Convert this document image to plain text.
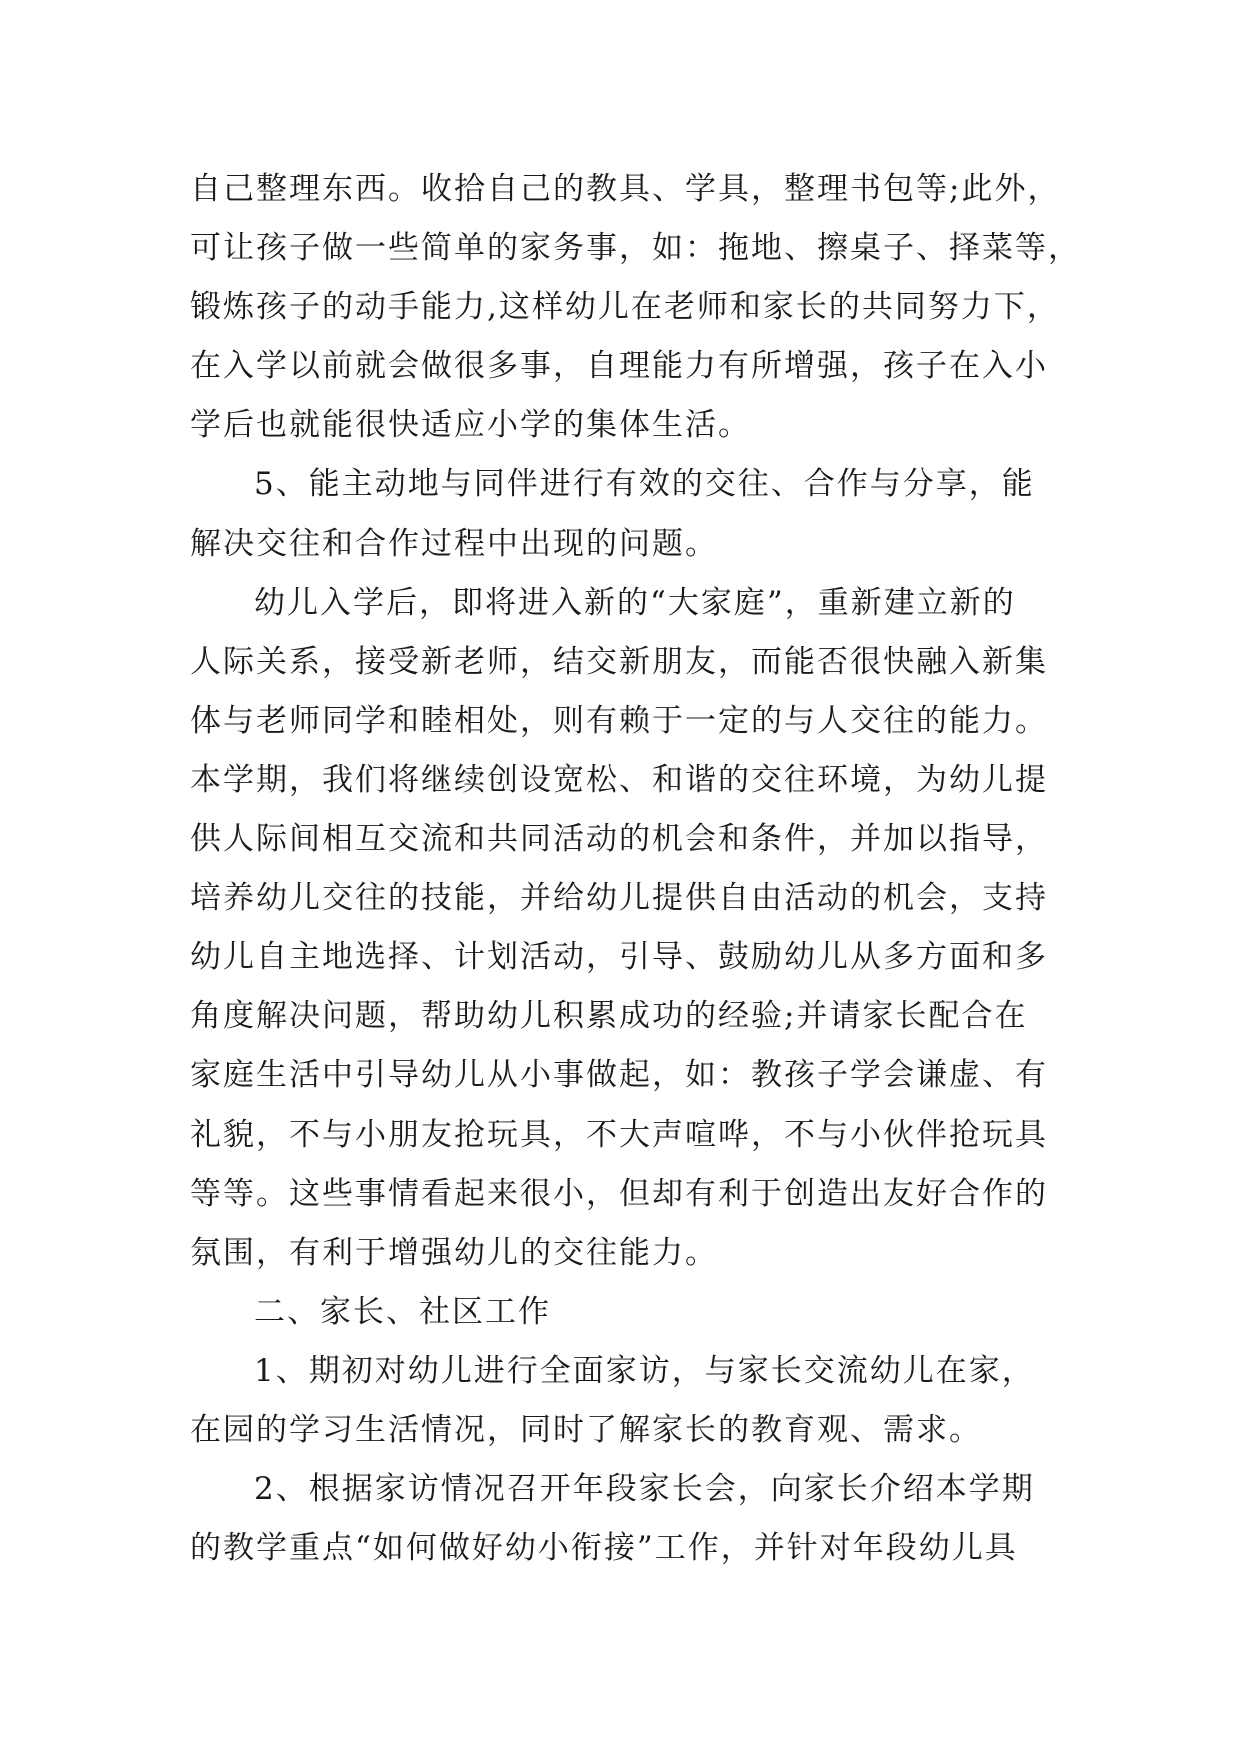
自己整理东西。收拾自己的教具、学具，整理书包等;此外，
可让孩子做一些简单的家务事，如：拖地、擦桌子、择菜等，
锻炼孩子的动手能力,这样幼儿在老师和家长的共同努力下，
在入学以前就会做很多事，自理能力有所增强，孩子在入小
学后也就能很快适应小学的集体生活。
5、能主动地与同伴进行有效的交往、合作与分享，能
解决交往和合作过程中出现的问题。
幼儿入学后，即将进入新的“大家庭”，重新建立新的
人际关系，接受新老师，结交新朋友，而能否很快融入新集
体与老师同学和睦相处，则有赖于一定的与人交往的能力。
本学期，我们将继续创设宽松、和谐的交往环境，为幼儿提
供人际间相互交流和共同活动的机会和条件，并加以指导，
培养幼儿交往的技能，并给幼儿提供自由活动的机会，支持
幼儿自主地选择、计划活动，引导、鼓励幼儿从多方面和多
角度解决问题，帮助幼儿积累成功的经验;并请家长配合在
家庭生活中引导幼儿从小事做起，如：教孩子学会谦虚、有
礼貌，不与小朋友抢玩具，不大声喧哗，不与小伙伴抢玩具
等等。这些事情看起来很小，但却有利于创造出友好合作的
氛围，有利于增强幼儿的交往能力。
二、家长、社区工作
1、期初对幼儿进行全面家访，与家长交流幼儿在家，
在园的学习生活情况，同时了解家长的教育观、需求。
2、根据家访情况召开年段家长会，向家长介绍本学期
的教学重点“如何做好幼小衔接”工作，并针对年段幼儿具
